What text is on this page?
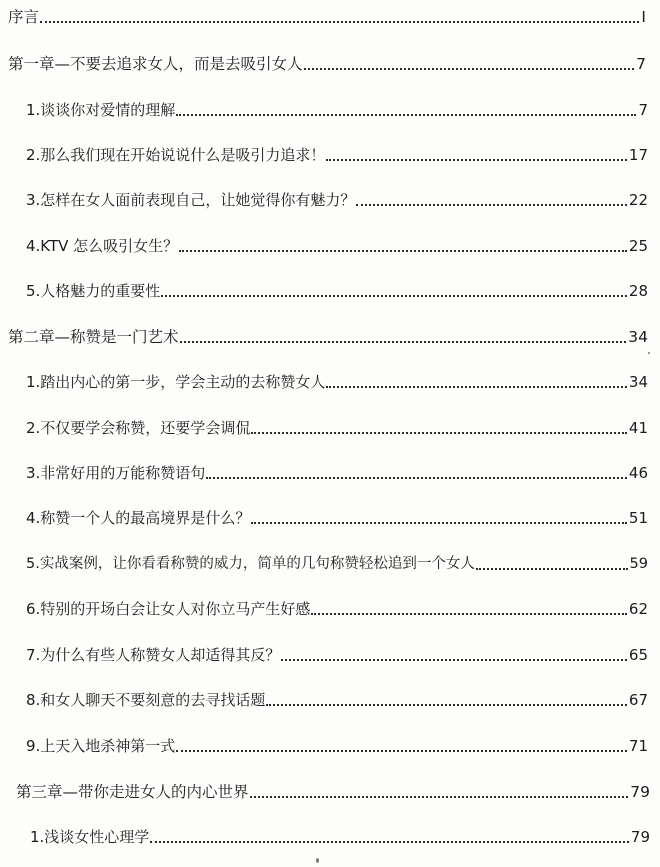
序言	I
第一章—不要去追求女人，而是去吸引女人	7
1.谈谈你对爱情的理解	7
2.那么我们现在开始说说什么是吸引力追求！	17
3.怎样在女人面前表现自己，让她觉得你有魅力？	22
4.KTV 怎么吸引女生？	25
5.人格魅力的重要性	28
第二章—称赞是一门艺术	34
1.踏出内心的第一步，学会主动的去称赞女人	34
2.不仅要学会称赞，还要学会调侃	41
3.非常好用的万能称赞语句	46
4.称赞一个人的最高境界是什么？	51
5.实战案例，让你看看称赞的威力，简单的几句称赞轻松追到一个女人	59
6.特别的开场白会让女人对你立马产生好感	62
7.为什么有些人称赞女人却适得其反？	65
8.和女人聊天不要刻意的去寻找话题	67
9.上天入地杀神第一式	71
第三章—带你走进女人的内心世界	79
1.浅谈女性心理学	79
